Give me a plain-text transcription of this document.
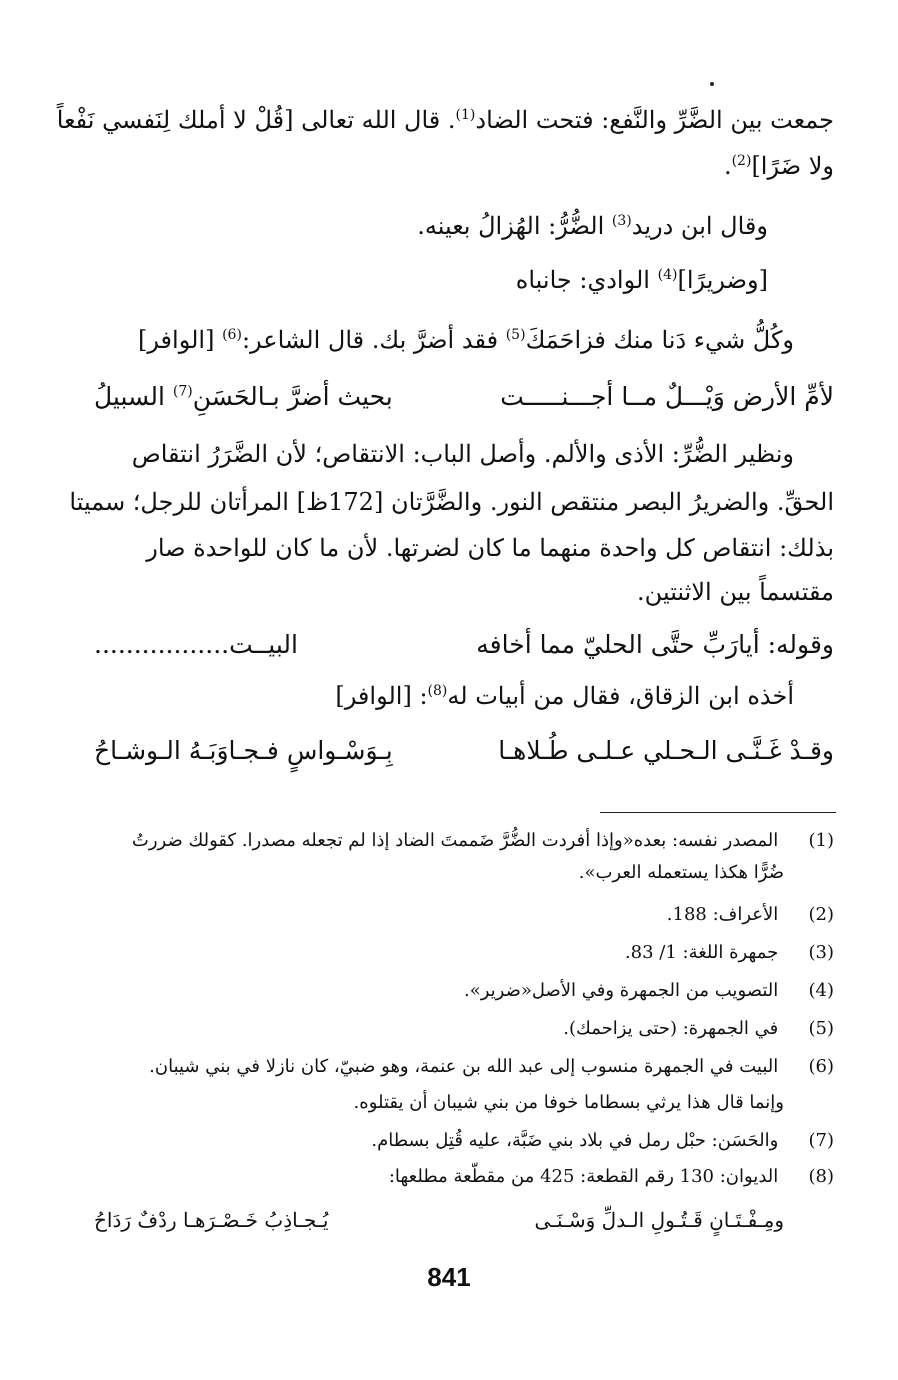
جمعت بين الضَّرِّ والنَّفع: فتحت الضاد$^{(1)}$. قال الله تعالى [قُلْ لا أملك لِنَفسي نَفْعاً
ولا ضَرًا]$^{(2)}$.
وقال ابن دريد$^{(3)}$ الضُّرُّ: الهُزالُ بعينه.
[وضريرًا]$^{(4)}$ الوادي: جانباه
وكُلُّ شيء دَنا منك فزاحَمَكَ$^{(5)}$ فقد أضرَّ بك. قال الشاعر:$^{(6)}$ [الوافر]
لأمِّ الأرض وَيْـــلٌ مــا أجـــنـــــت
بحيث أضرَّ بـالحَسَنِ$^{(7)}$ السبيلُ
ونظير الضُّرِّ: الأذى والألم. وأصل الباب: الانتقاص؛ لأن الضَّرَرُ انتقاص
الحقِّ. والضريرُ البصر منتقص النور. والضَّرَّتان [172ظ] المرأتان للرجل؛ سميتا
بذلك: انتقاص كل واحدة منهما ما كان لضرتها. لأن ما كان للواحدة صار
مقتسماً بين الاثنتين.
وقوله: أيارَبِّ حتَّى الحليّ مما أخافه
البيــت.................
أخذه ابن الزقاق، فقال من أبيات له$^{(8)}$: [الوافر]
وقـدْ غَـنَّـى الـحـلي عـلـى طُـلاهـا
بِـوَسْـواسٍ فـجـاوَبَـهُ الـوشـاحُ
(1) المصدر نفسه: بعده«وإذا أفردت الضُّرَّ ضَممتَ الضاد إذا لم تجعله مصدرا. كقولك ضررتُ
ضُرًّا هكذا يستعمله العرب».
(2) الأعراف: 188.
(3) جمهرة اللغة: 1/ 83.
(4) التصويب من الجمهرة وفي الأصل«ضرير».
(5) في الجمهرة: (حتى يزاحمك).
(6) البيت في الجمهرة منسوب إلى عبد الله بن عنمة، وهو ضبيّ، كان نازلا في بني شيبان.
وإنما قال هذا يرثي بسطاما خوفا من بني شيبان أن يقتلوه.
(7) والحَسَن: حبْل رمل في بلاد بني ضَبَّة، عليه قُتِل بسطام.
(8) الديوان: 130 رقم القطعة: 425 من مقطّعة مطلعها:
ومِـفْـتَـانٍ قَـتُـولِ الـدلِّ وَسْـنَـى
يُـجـاذِبُ خَـصْـرَهـا ردْفٌ رَدَاحُ
841
